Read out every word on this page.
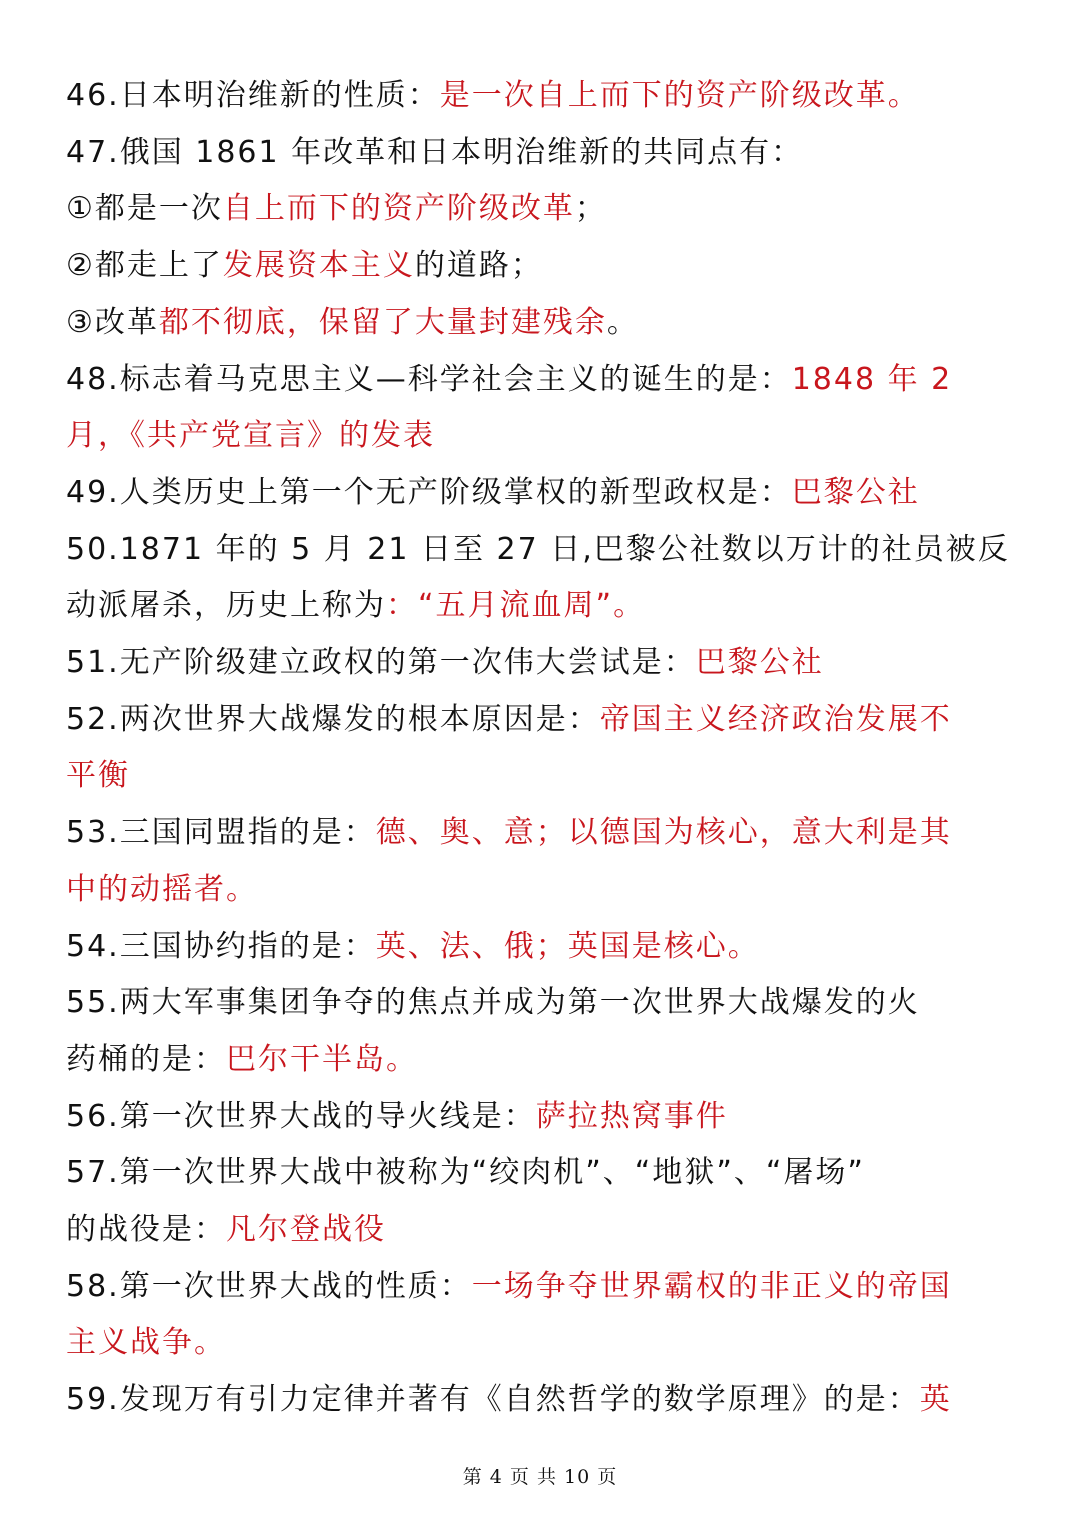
46.日本明治维新的性质：是一次自上而下的资产阶级改革。
47.俄国 1861 年改革和日本明治维新的共同点有：
①都是一次自上而下的资产阶级改革；
②都走上了发展资本主义的道路；
③改革都不彻底，保留了大量封建残余。
48.标志着马克思主义—科学社会主义的诞生的是：1848 年 2
月，《共产党宣言》的发表
49.人类历史上第一个无产阶级掌权的新型政权是：巴黎公社
50.1871 年的 5 月 21 日至 27 日,巴黎公社数以万计的社员被反
动派屠杀，历史上称为：“五月流血周”。
51.无产阶级建立政权的第一次伟大尝试是：巴黎公社
52.两次世界大战爆发的根本原因是：帝国主义经济政治发展不
平衡
53.三国同盟指的是：德、奥、意；以德国为核心，意大利是其
中的动摇者。
54.三国协约指的是：英、法、俄；英国是核心。
55.两大军事集团争夺的焦点并成为第一次世界大战爆发的火
药桶的是：巴尔干半岛。
56.第一次世界大战的导火线是：萨拉热窝事件
57.第一次世界大战中被称为“绞肉机”、“地狱”、“屠场”
的战役是：凡尔登战役
58.第一次世界大战的性质：一场争夺世界霸权的非正义的帝国
主义战争。
59.发现万有引力定律并著有《自然哲学的数学原理》的是：英
第 4 页 共 10 页
